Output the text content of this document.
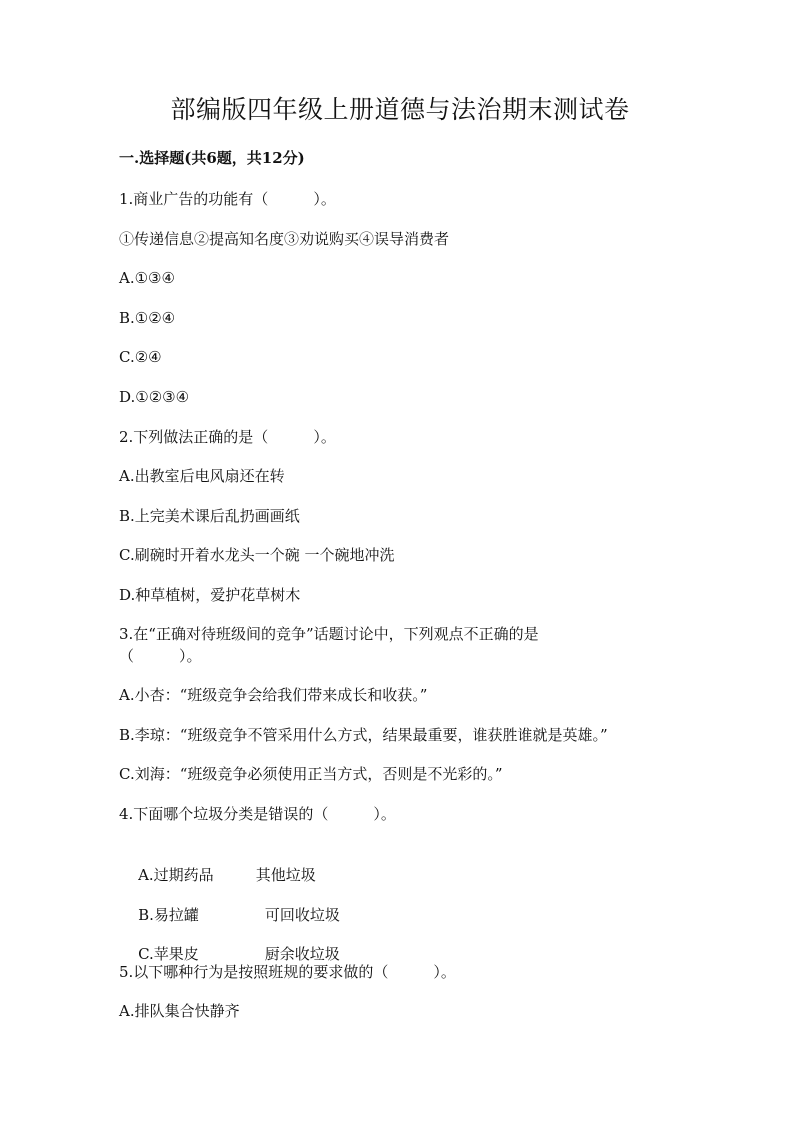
部编版四年级上册道德与法治期末测试卷
一.选择题(共6题，共12分)
1.商业广告的功能有（　　　）。
①传递信息②提高知名度③劝说购买④误导消费者
A.①③④
B.①②④
C.②④
D.①②③④
2.下列做法正确的是（　　　）。
A.出教室后电风扇还在转
B.上完美术课后乱扔画画纸
C.刷碗时开着水龙头一个碗 一个碗地冲洗
D.种草植树，爱护花草树木
3.在“正确对待班级间的竞争”话题讨论中，下列观点不正确的是
（　　　）。
A.小杏：“班级竞争会给我们带来成长和收获。”
B.李琼：“班级竞争不管采用什么方式，结果最重要，谁获胜谁就是英雄。”
C.刘海：“班级竞争必须使用正当方式，否则是不光彩的。”
4.下面哪个垃圾分类是错误的（　　　）。

A.过期药品	其他垃圾

B.易拉罐	可回收垃圾

C.苹果皮	厨余收垃圾

5.以下哪种行为是按照班规的要求做的（　　　）。
A.排队集合快静齐
